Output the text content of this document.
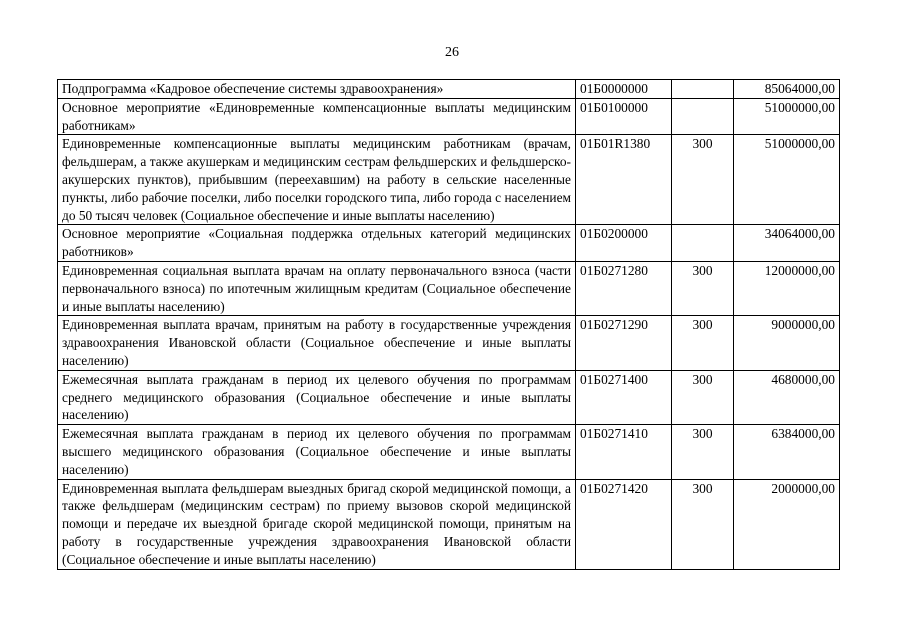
26
Подпрограмма «Кадровое обеспечение системы здравоохранения»	01Б0000000		85064000,00
Основное мероприятие «Единовременные компенсационные выплаты медицинским работникам»	01Б0100000		51000000,00
Единовременные компенсационные выплаты медицинским работникам (врачам, фельдшерам, а также акушеркам и медицинским сестрам фельдшерских и фельдшерско-акушерских пунктов), прибывшим (переехавшим) на работу в сельские населенные пункты, либо рабочие поселки, либо поселки городского типа, либо города с населением до 50 тысяч человек (Социальное обеспечение и иные выплаты населению)	01Б01R1380	300	51000000,00
Основное мероприятие «Социальная поддержка отдельных категорий медицинских работников»	01Б0200000		34064000,00
Единовременная социальная выплата врачам на оплату первоначального взноса (части первоначального взноса) по ипотечным жилищным кредитам (Социальное обеспечение и иные выплаты населению)	01Б0271280	300	12000000,00
Единовременная выплата врачам, принятым на работу в государственные учреждения здравоохранения Ивановской области (Социальное обеспечение и иные выплаты населению)	01Б0271290	300	9000000,00
Ежемесячная выплата гражданам в период их целевого обучения по программам среднего медицинского образования (Социальное обеспечение и иные выплаты населению)	01Б0271400	300	4680000,00
Ежемесячная выплата гражданам в период их целевого обучения по программам высшего медицинского образования (Социальное обеспечение и иные выплаты населению)	01Б0271410	300	6384000,00
Единовременная выплата фельдшерам выездных бригад скорой медицинской помощи, а также фельдшерам (медицинским сестрам) по приему вызовов скорой медицинской помощи и передаче их выездной бригаде скорой медицинской помощи, принятым на работу в государственные учреждения здравоохранения Ивановской области (Социальное обеспечение и иные выплаты населению)	01Б0271420	300	2000000,00
